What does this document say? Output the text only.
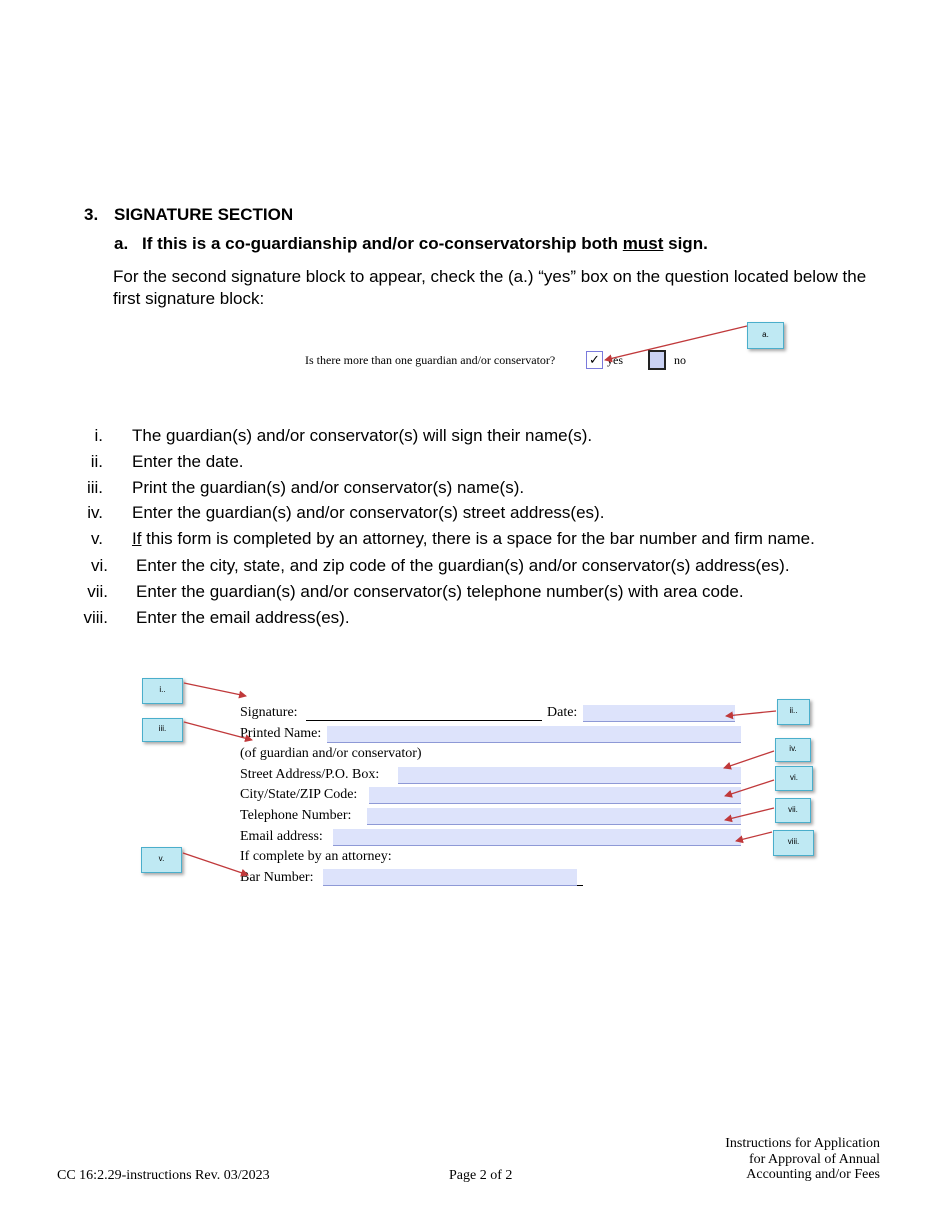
3. SIGNATURE SECTION
a. If this is a co-guardianship and/or co-conservatorship both must sign.
For the second signature block to appear, check the (a.) “yes” box on the question located below the first signature block:
Is there more than one guardian and/or conservator?	✓ yes	no
a.
i. The guardian(s) and/or conservator(s) will sign their name(s).
ii. Enter the date.
iii. Print the guardian(s) and/or conservator(s) name(s).
iv. Enter the guardian(s) and/or conservator(s) street address(es).
v. If this form is completed by an attorney, there is a space for the bar number and firm name.
vi. Enter the city, state, and zip code of the guardian(s) and/or conservator(s) address(es).
vii. Enter the guardian(s) and/or conservator(s) telephone number(s) with area code.
viii. Enter the email address(es).
Signature:	Date:
Printed Name:
(of guardian and/or conservator)
Street Address/P.O. Box:
City/State/ZIP Code:
Telephone Number:
Email address:
If complete by an attorney:
Bar Number:
i..
iii.
ii..
iv.
vi.
vii.
viii.
v.
CC 16:2.29-instructions Rev. 03/2023	Page 2 of 2
Instructions for Application
for Approval of Annual
Accounting and/or Fees
